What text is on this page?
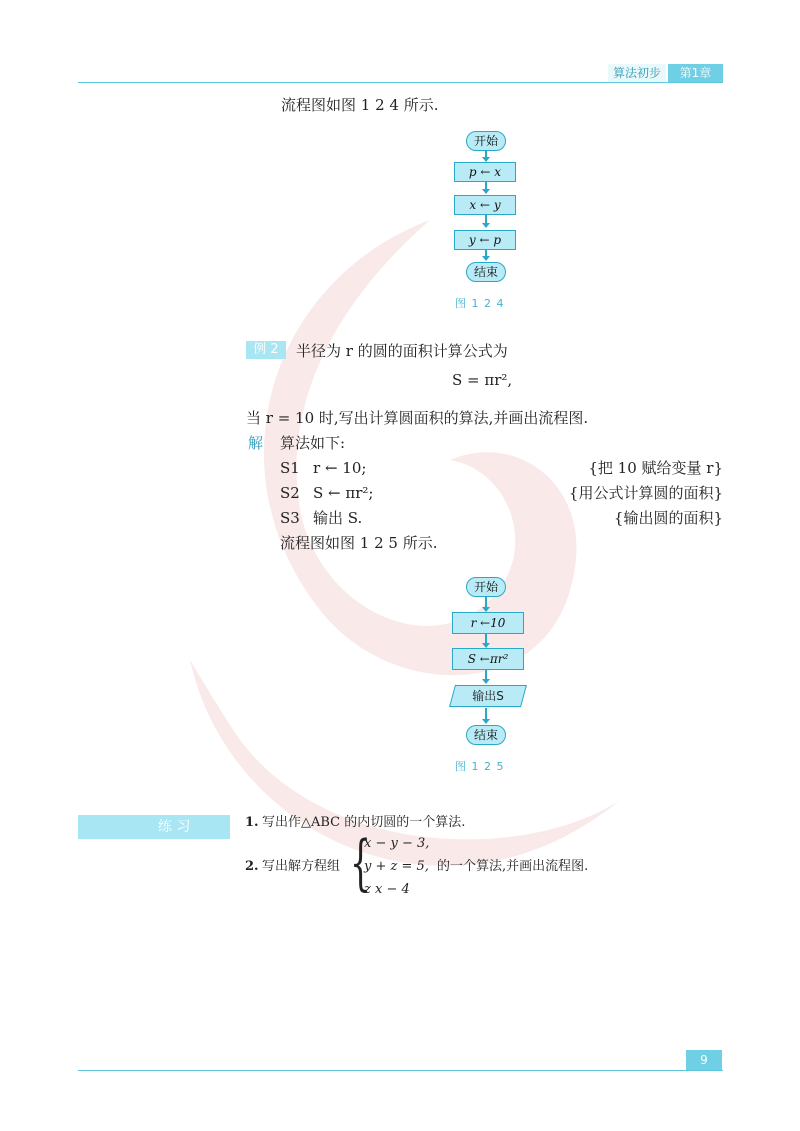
算法初步	第1章
流程图如图 1 2 4 所示.
开始
p ← x
x ← y
y ← p
结束
图 1 2 4
例 2	半径为 r 的圆的面积计算公式为
S = πr²,
当 r = 10 时,写出计算圆面积的算法,并画出流程图.
解 算法如下:
S1 r ← 10;	{把 10 赋给变量 r}
S2 S ← πr²;	{用公式计算圆的面积}
S3 输出 S.	{输出圆的面积}
流程图如图 1 2 5 所示.
开始
r ←10
S ←πr²
输出S
结束
图 1 2 5
练 习	1. 写出作△ABC 的内切圆的一个算法.
2. 写出解方程组 {
x − y − 3,
y + z = 5,
z x − 4
的一个算法,并画出流程图.
9
